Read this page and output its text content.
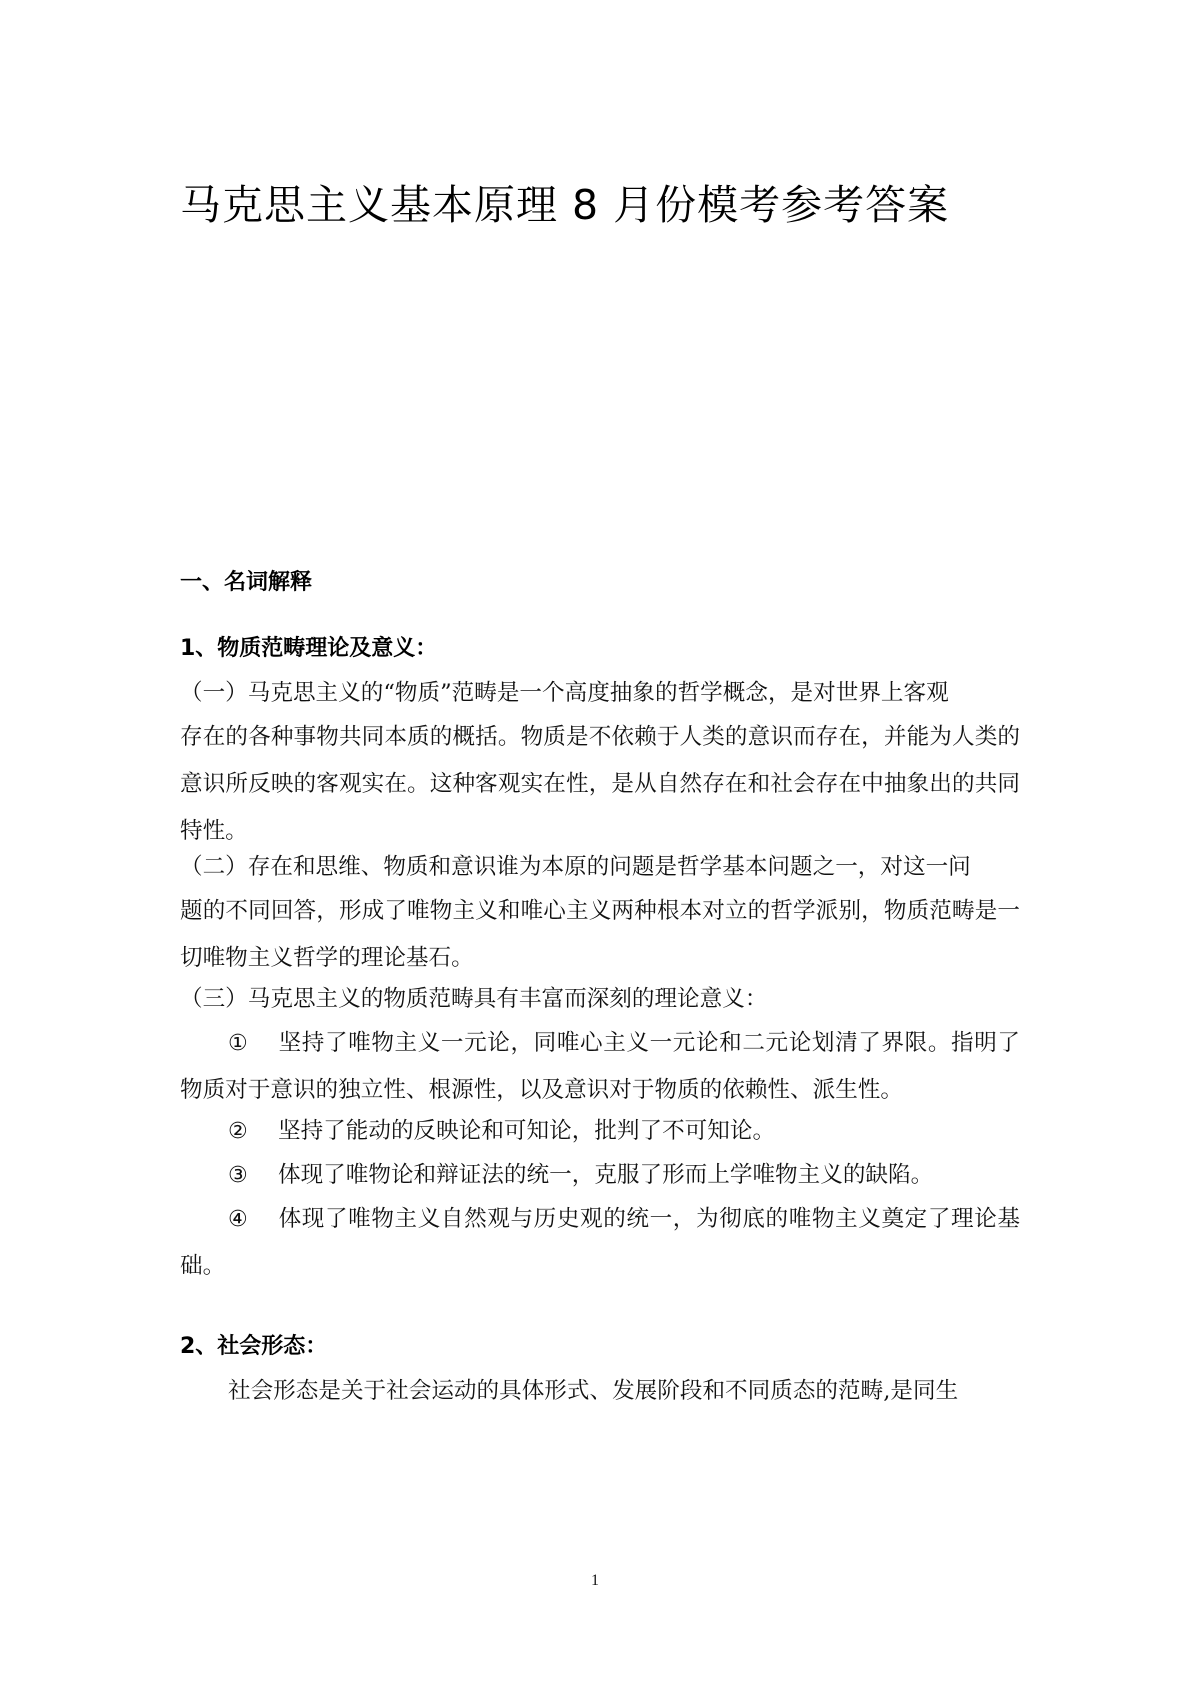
马克思主义基本原理 8 月份模考参考答案
一、名词解释
1、物质范畴理论及意义：
（一）马克思主义的“物质”范畴是一个高度抽象的哲学概念，是对世界上客观
存在的各种事物共同本质的概括。物质是不依赖于人类的意识而存在，并能为人类的意识所反映的客观实在。这种客观实在性，是从自然存在和社会存在中抽象出的共同特性。
（二）存在和思维、物质和意识谁为本原的问题是哲学基本问题之一，对这一问
题的不同回答，形成了唯物主义和唯心主义两种根本对立的哲学派别，物质范畴是一切唯物主义哲学的理论基石。
（三）马克思主义的物质范畴具有丰富而深刻的理论意义：
① 坚持了唯物主义一元论，同唯心主义一元论和二元论划清了界限。指明了物质对于意识的独立性、根源性，以及意识对于物质的依赖性、派生性。
② 坚持了能动的反映论和可知论，批判了不可知论。
③ 体现了唯物论和辩证法的统一，克服了形而上学唯物主义的缺陷。
④ 体现了唯物主义自然观与历史观的统一，为彻底的唯物主义奠定了理论基础。
2、社会形态：
社会形态是关于社会运动的具体形式、发展阶段和不同质态的范畴,是同生
1
